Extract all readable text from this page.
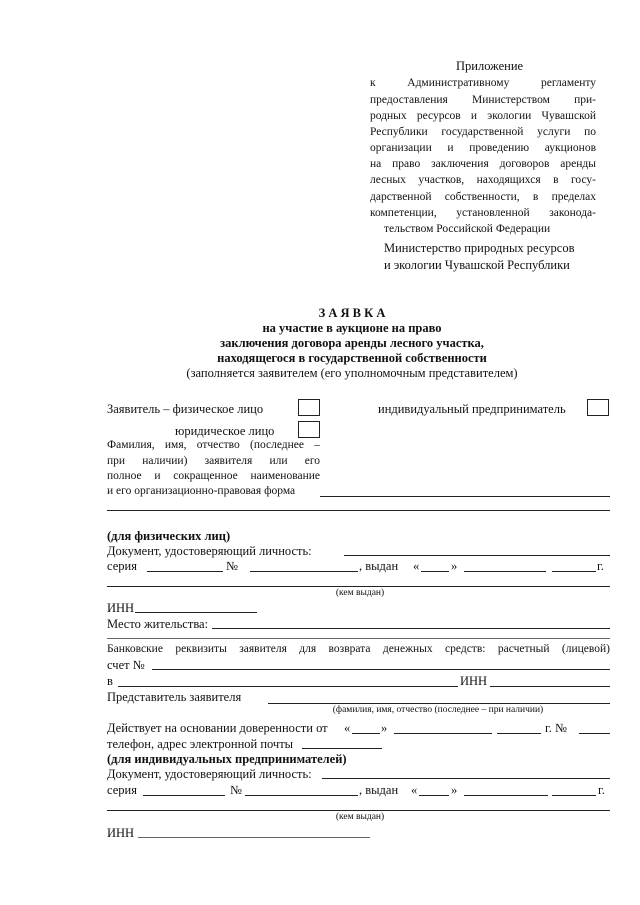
Приложение
к Административному регламенту
предоставления Министерством при-
родных ресурсов и экологии Чувашской
Республики государственной услуги по
организации и проведению аукционов
на право заключения договоров аренды
лесных участков, находящихся в госу-
дарственной собственности, в пределах
компетенции, установленной законода-
тельством Российской Федерации
Министерство природных ресурсов
и экологии Чувашской Республики
З А Я В К А
на участие в аукционе на право
заключения договора аренды лесного участка,
находящегося в государственной собственности
(заполняется заявителем (его уполномочным представителем)
Заявитель – физическое лицо	индивидуальный предприниматель
юридическое лицо
Фамилия, имя, отчество (последнее –
при наличии) заявителя или его
полное и сокращенное наименование
и его организационно-правовая форма
(для физических лиц)
Документ, удостоверяющий личность:
серия	№	, выдан «	»	г.
(кем выдан)
ИНН
Место жительства:
Банковские реквизиты заявителя для возврата денежных средств: расчетный (лицевой)
счет №
в	ИНН
Представитель заявителя
(фамилия, имя, отчество (последнее – при наличии)
Действует на основании доверенности от « »	г. №
телефон, адрес электронной почты
(для индивидуальных предпринимателей)
Документ, удостоверяющий личность:
серия	№	, выдан «	»	г.
(кем выдан)
ИНН
